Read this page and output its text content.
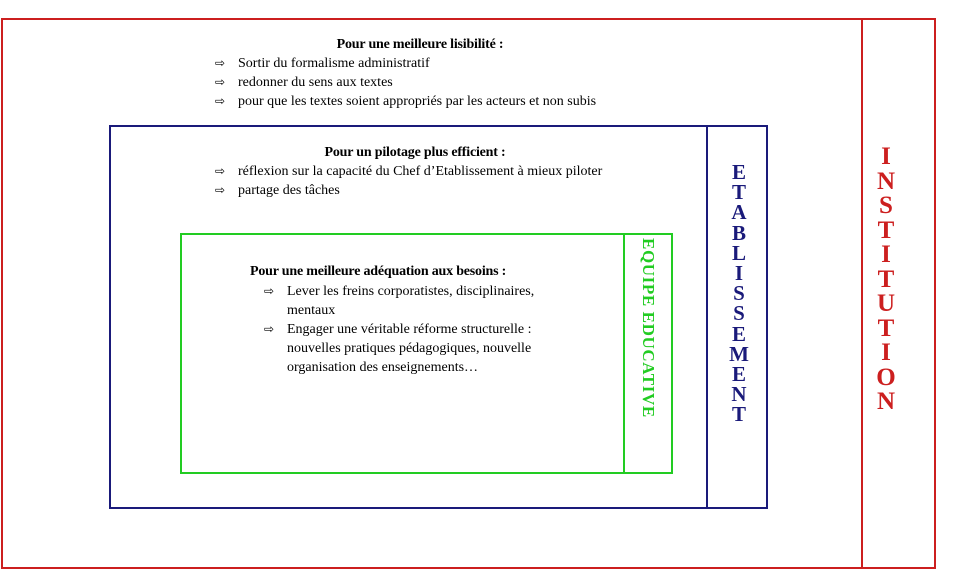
Pour une meilleure lisibilité :
⇨ Sortir du formalisme administratif
⇨ redonner du sens aux textes
⇨ pour que les textes soient appropriés par les acteurs et non subis
Pour un pilotage plus efficient :
⇨ réflexion sur la capacité du Chef d’Etablissement à mieux piloter
⇨ partage des tâches
Pour une meilleure adéquation aux besoins :
⇨ Lever les freins corporatistes, disciplinaires, mentaux
⇨ Engager une véritable réforme structurelle : nouvelles pratiques pédagogiques, nouvelle organisation des enseignements…
I
N
S
T
I
T
U
T
I
O
N
E
T
A
B
L
I
S
S
E
M
E
N
T
EQUIPE EDUCATIVE
